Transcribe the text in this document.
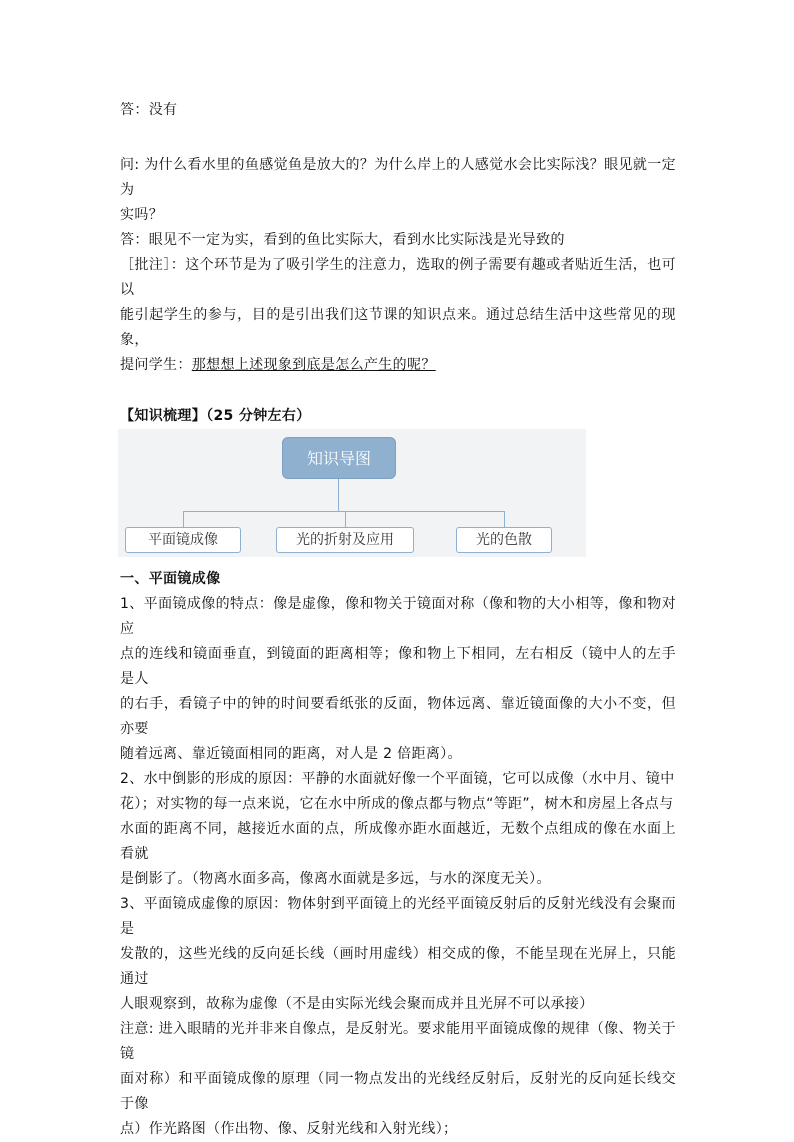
答：没有

问: 为什么看水里的鱼感觉鱼是放大的？为什么岸上的人感觉水会比实际浅？眼见就一定为

实吗？

答：眼见不一定为实，看到的鱼比实际大，看到水比实际浅是光导致的

［批注］：这个环节是为了吸引学生的注意力，选取的例子需要有趣或者贴近生活，也可以

能引起学生的参与，目的是引出我们这节课的知识点来。通过总结生活中这些常见的现象，

提问学生：那想想上述现象到底是怎么产生的呢？

【知识梳理】（25 分钟左右）

知识导图
平面镜成像	光的折射及应用	光的色散

一、平面镜成像

1、平面镜成像的特点：像是虚像，像和物关于镜面对称（像和物的大小相等，像和物对应

点的连线和镜面垂直，到镜面的距离相等；像和物上下相同，左右相反（镜中人的左手是人

的右手，看镜子中的钟的时间要看纸张的反面，物体远离、靠近镜面像的大小不变，但亦要

随着远离、靠近镜面相同的距离，对人是 2 倍距离）。

2、水中倒影的形成的原因：平静的水面就好像一个平面镜，它可以成像（水中月、镜中

花）；对实物的每一点来说，它在水中所成的像点都与物点“等距”，树木和房屋上各点与

水面的距离不同，越接近水面的点，所成像亦距水面越近，无数个点组成的像在水面上看就

是倒影了。（物离水面多高，像离水面就是多远，与水的深度无关）。

3、平面镜成虚像的原因：物体射到平面镜上的光经平面镜反射后的反射光线没有会聚而是

发散的，这些光线的反向延长线（画时用虚线）相交成的像，不能呈现在光屏上，只能通过

人眼观察到，故称为虚像（不是由实际光线会聚而成并且光屏不可以承接）

注意: 进入眼睛的光并非来自像点，是反射光。要求能用平面镜成像的规律（像、物关于镜

面对称）和平面镜成像的原理（同一物点发出的光线经反射后，反射光的反向延长线交于像

点）作光路图（作出物、像、反射光线和入射光线）；
